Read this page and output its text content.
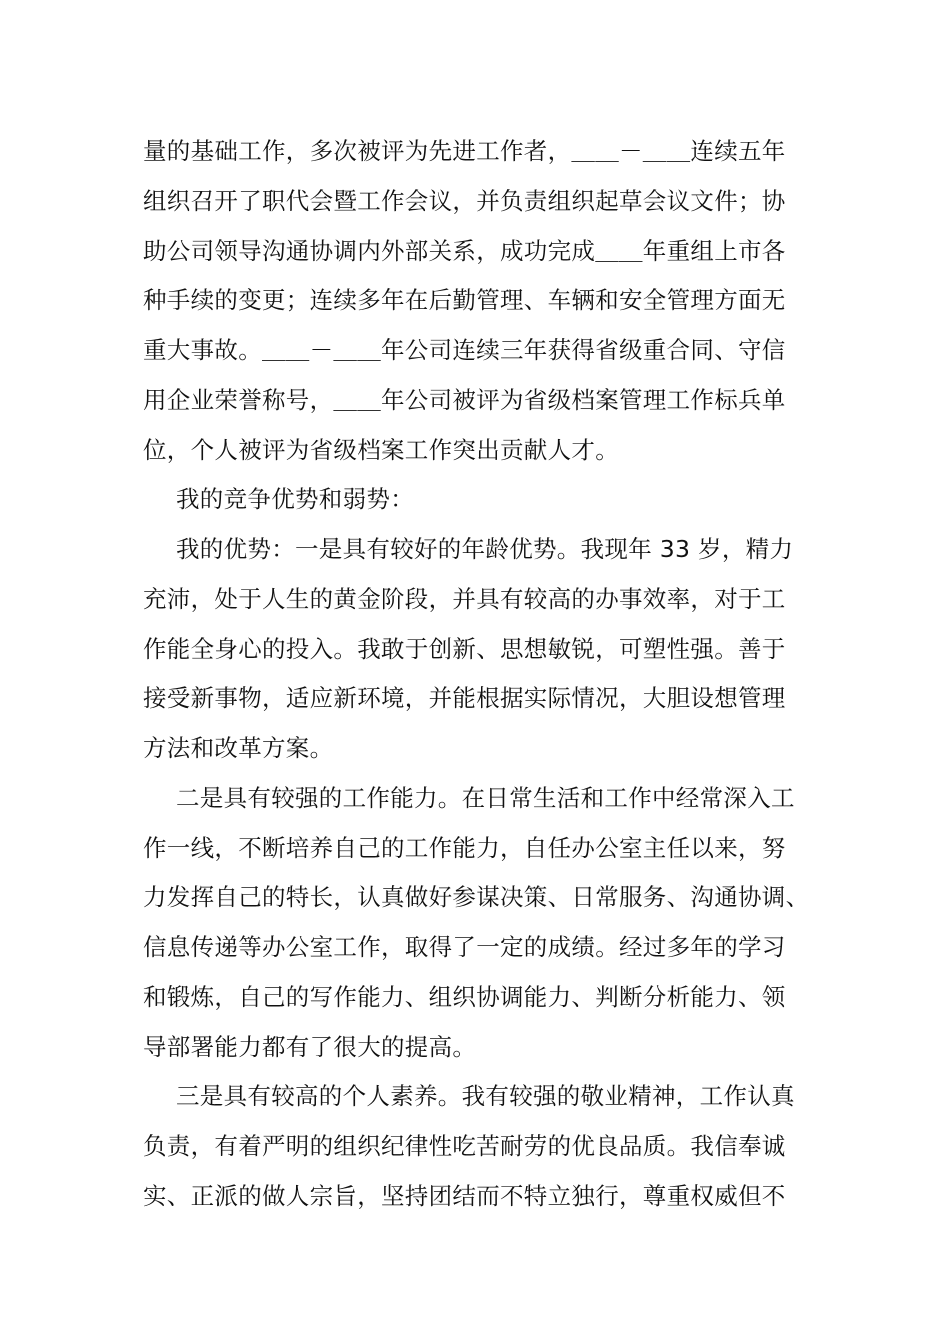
量的基础工作，多次被评为先进工作者，＿＿－＿＿连续五年
组织召开了职代会暨工作会议，并负责组织起草会议文件；协
助公司领导沟通协调内外部关系，成功完成＿＿年重组上市各
种手续的变更；连续多年在后勤管理、车辆和安全管理方面无
重大事故。＿＿－＿＿年公司连续三年获得省级重合同、守信
用企业荣誉称号，＿＿年公司被评为省级档案管理工作标兵单
位，个人被评为省级档案工作突出贡献人才。
我的竞争优势和弱势：
我的优势：一是具有较好的年龄优势。我现年 33 岁，精力
充沛，处于人生的黄金阶段，并具有较高的办事效率，对于工
作能全身心的投入。我敢于创新、思想敏锐，可塑性强。善于
接受新事物，适应新环境，并能根据实际情况，大胆设想管理
方法和改革方案。
二是具有较强的工作能力。在日常生活和工作中经常深入工
作一线，不断培养自己的工作能力，自任办公室主任以来，努
力发挥自己的特长，认真做好参谋决策、日常服务、沟通协调、
信息传递等办公室工作，取得了一定的成绩。经过多年的学习
和锻炼，自己的写作能力、组织协调能力、判断分析能力、领
导部署能力都有了很大的提高。
三是具有较高的个人素养。我有较强的敬业精神，工作认真
负责，有着严明的组织纪律性吃苦耐劳的优良品质。我信奉诚
实、正派的做人宗旨，坚持团结而不特立独行，尊重权威但不
